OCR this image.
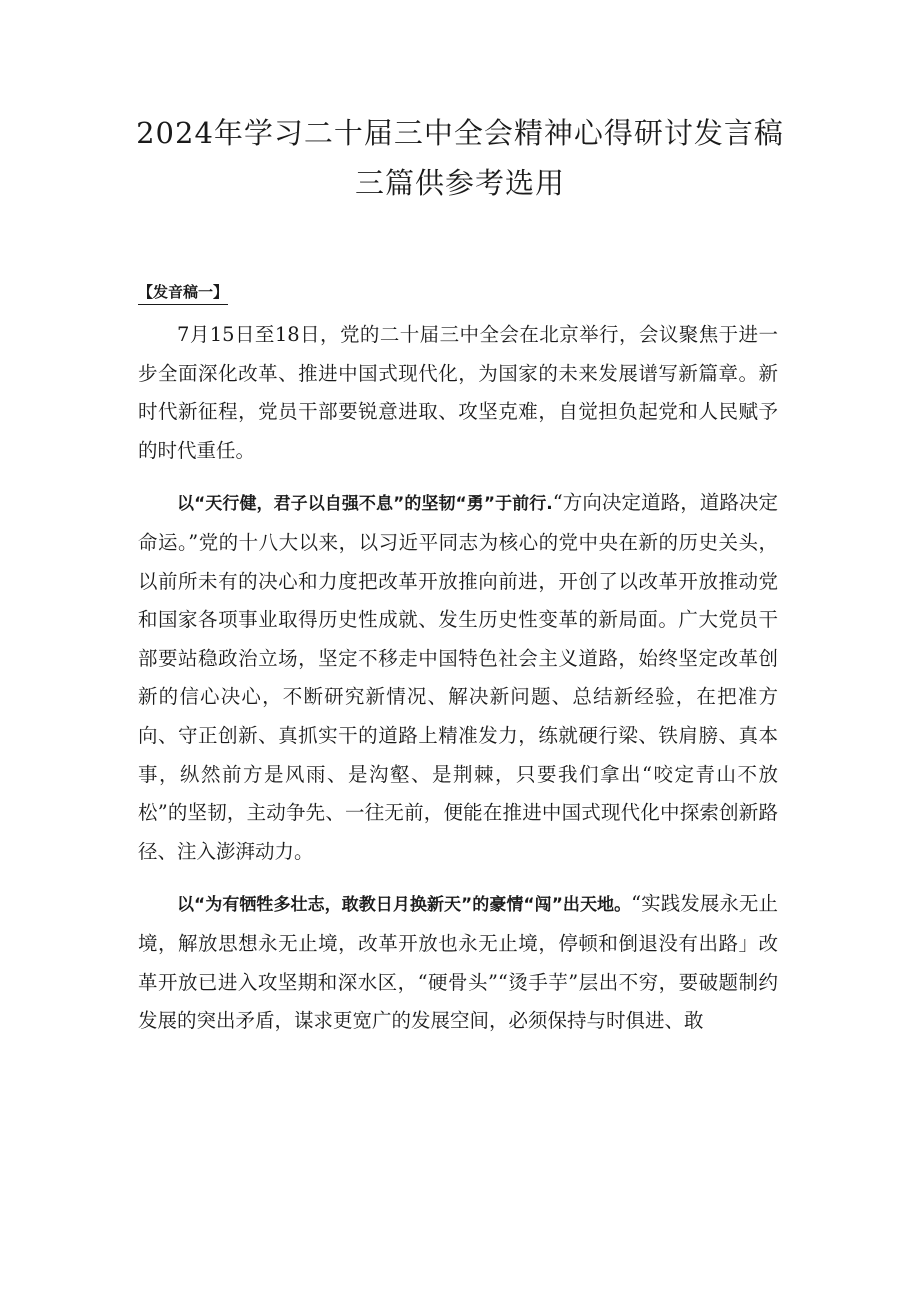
2024年学习二十届三中全会精神心得研讨发言稿三篇供参考选用

【发音稿一】

7月15日至18日，党的二十届三中全会在北京举行，会议聚焦于进一步全面深化改革、推进中国式现代化，为国家的未来发展谱写新篇章。新时代新征程，党员干部要锐意进取、攻坚克难，自觉担负起党和人民赋予的时代重任。

以“天行健，君子以自强不息”的坚韧“勇”于前行.“方向决定道路，道路决定命运。”党的十八大以来，以习近平同志为核心的党中央在新的历史关头，以前所未有的决心和力度把改革开放推向前进，开创了以改革开放推动党和国家各项事业取得历史性成就、发生历史性变革的新局面。广大党员干部要站稳政治立场，坚定不移走中国特色社会主义道路，始终坚定改革创新的信心决心，不断研究新情况、解决新问题、总结新经验，在把准方向、守正创新、真抓实干的道路上精准发力，练就硬行梁、铁肩膀、真本事，纵然前方是风雨、是沟壑、是荆棘，只要我们拿出“咬定青山不放松”的坚韧，主动争先、一往无前，便能在推进中国式现代化中探索创新路径、注入澎湃动力。

以“为有牺牲多壮志，敢教日月换新天”的豪情“闯”出天地。“实践发展永无止境，解放思想永无止境，改革开放也永无止境，停顿和倒退没有出路」改革开放已进入攻坚期和深水区，“硬骨头”“烫手芋”层出不穷，要破题制约发展的突出矛盾，谋求更宽广的发展空间，必须保持与时俱进、敢
